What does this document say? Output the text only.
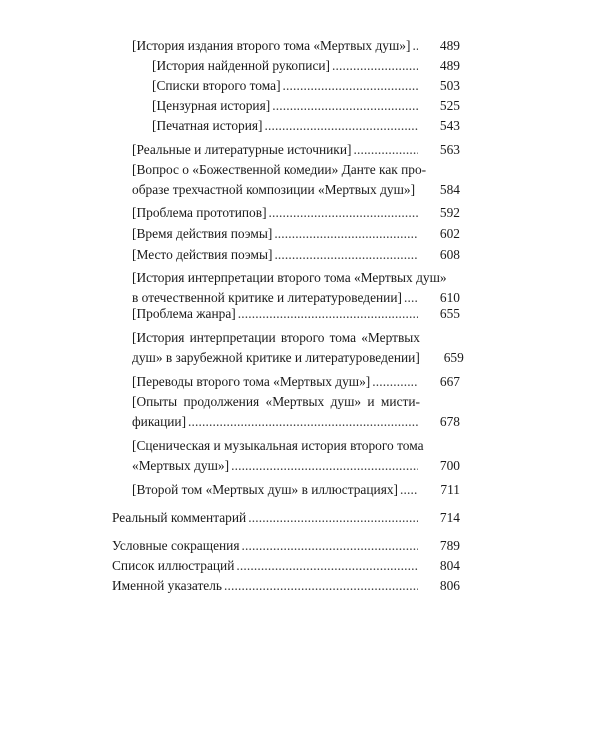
[История издания второго тома «Мертвых душ»] . . .	489
[История найденной рукописи] . . .	489
[Списки второго тома] . . .	503
[Цензурная история] . . .	525
[Печатная история] . . .	543
[Реальные и литературные источники] . . .	563
[Вопрос о «Божественной комедии» Данте как про-
образе трехчастной композиции «Мертвых душ»] . . .	584
[Проблема прототипов] . . .	592
[Время действия поэмы] . . .	602
[Место действия поэмы] . . .	608
[История интерпретации второго тома «Мертвых душ»
в отечественной критике и литературоведении] . . .	610
[Проблема жанра] . . .	655
[История интерпретации второго тома «Мертвых
душ» в зарубежной критике и литературоведении]	659
[Переводы второго тома «Мертвых душ»] . . .	667
[Опыты продолжения «Мертвых душ» и мисти-
фикации] . . .	678
[Сценическая и музыкальная история второго тома
«Мертвых душ»] . . .	700
[Второй том «Мертвых душ» в иллюстрациях] . . .	711
Реальный комментарий . . .	714
Условные сокращения . . .	789
Список иллюстраций . . .	804
Именной указатель . . .	806
